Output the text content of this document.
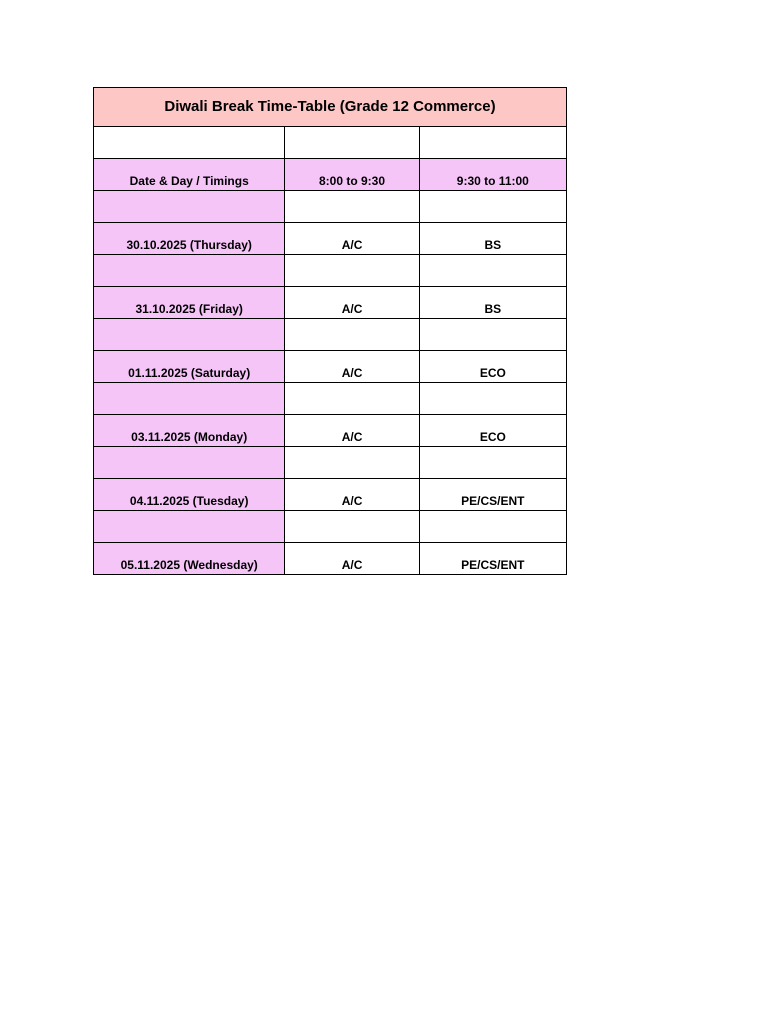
Diwali Break Time-Table (Grade 12 Commerce)		

Date & Day / Timings	8:00 to 9:30	9:30 to 11:00

30.10.2025 (Thursday)	A/C	BS

31.10.2025 (Friday)	A/C	BS

01.11.2025 (Saturday)	A/C	ECO

03.11.2025 (Monday)	A/C	ECO

04.11.2025 (Tuesday)	A/C	PE/CS/ENT

05.11.2025 (Wednesday)	A/C	PE/CS/ENT
